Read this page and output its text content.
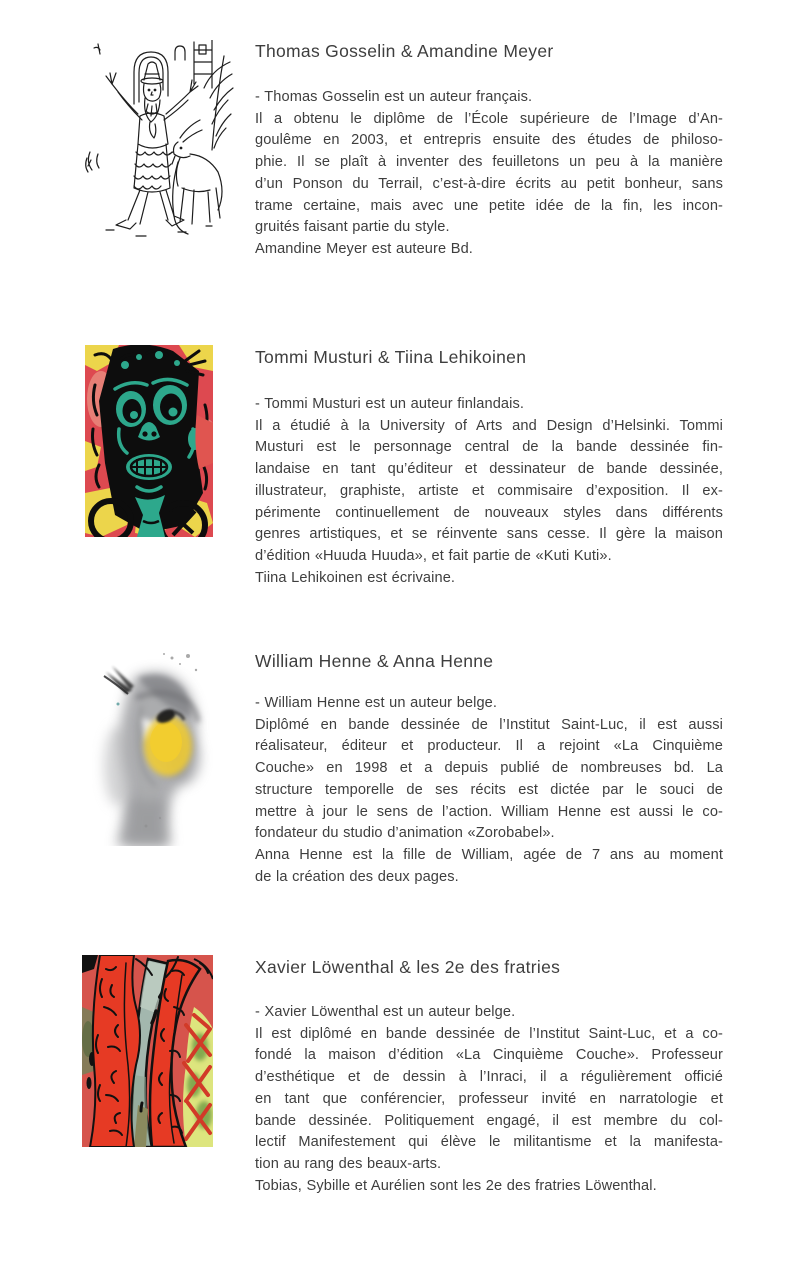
Thomas Gosselin & Amandine Meyer
- Thomas Gosselin est un auteur français.
Il a obtenu le diplôme de l’École supérieure de l’Image d’An-
goulême en 2003, et entrepris ensuite des études de philoso-
phie. Il se plaît à inventer des feuilletons un peu à la manière
d’un Ponson du Terrail, c’est-à-dire écrits au petit bonheur, sans
trame certaine, mais avec une petite idée de la fin, les incon-
gruités faisant partie du style.
Amandine Meyer est auteure Bd.
Tommi Musturi & Tiina Lehikoinen
- Tommi Musturi est un auteur finlandais.
Il a étudié à la University of Arts and Design d’Helsinki. Tommi
Musturi est le personnage central de la bande dessinée fin-
landaise en tant qu’éditeur et dessinateur de bande dessinée,
illustrateur, graphiste, artiste et commisaire d’exposition. Il ex-
périmente continuellement de nouveaux styles dans différents
genres artistiques, et se réinvente sans cesse. Il gère la maison
d’édition «Huuda Huuda», et fait partie de «Kuti Kuti».
Tiina Lehikoinen est écrivaine.
William Henne & Anna Henne
- William Henne est un auteur belge.
Diplômé en bande dessinée de l’Institut Saint-Luc, il est aussi
réalisateur, éditeur et producteur. Il a rejoint «La Cinquième
Couche» en 1998 et a depuis publié de nombreuses bd. La
structure temporelle de ses récits est dictée par le souci de
mettre à jour le sens de l’action. William Henne est aussi le co-
fondateur du studio d’animation «Zorobabel».
Anna Henne est la fille de William, agée de 7 ans au moment
de la création des deux pages.
Xavier Löwenthal & les 2e des fratries
- Xavier Löwenthal est un auteur belge.
Il est diplômé en bande dessinée de l’Institut Saint-Luc, et a co-
fondé la maison d’édition «La Cinquième Couche». Professeur
d’esthétique et de dessin à l’Inraci, il a régulièrement officié
en tant que conférencier, professeur invité en narratologie et
bande dessinée. Politiquement engagé, il est membre du col-
lectif Manifestement qui élève le militantisme et la manifesta-
tion au rang des beaux-arts.
Tobias, Sybille et Aurélien sont les 2e des fratries Löwenthal.
